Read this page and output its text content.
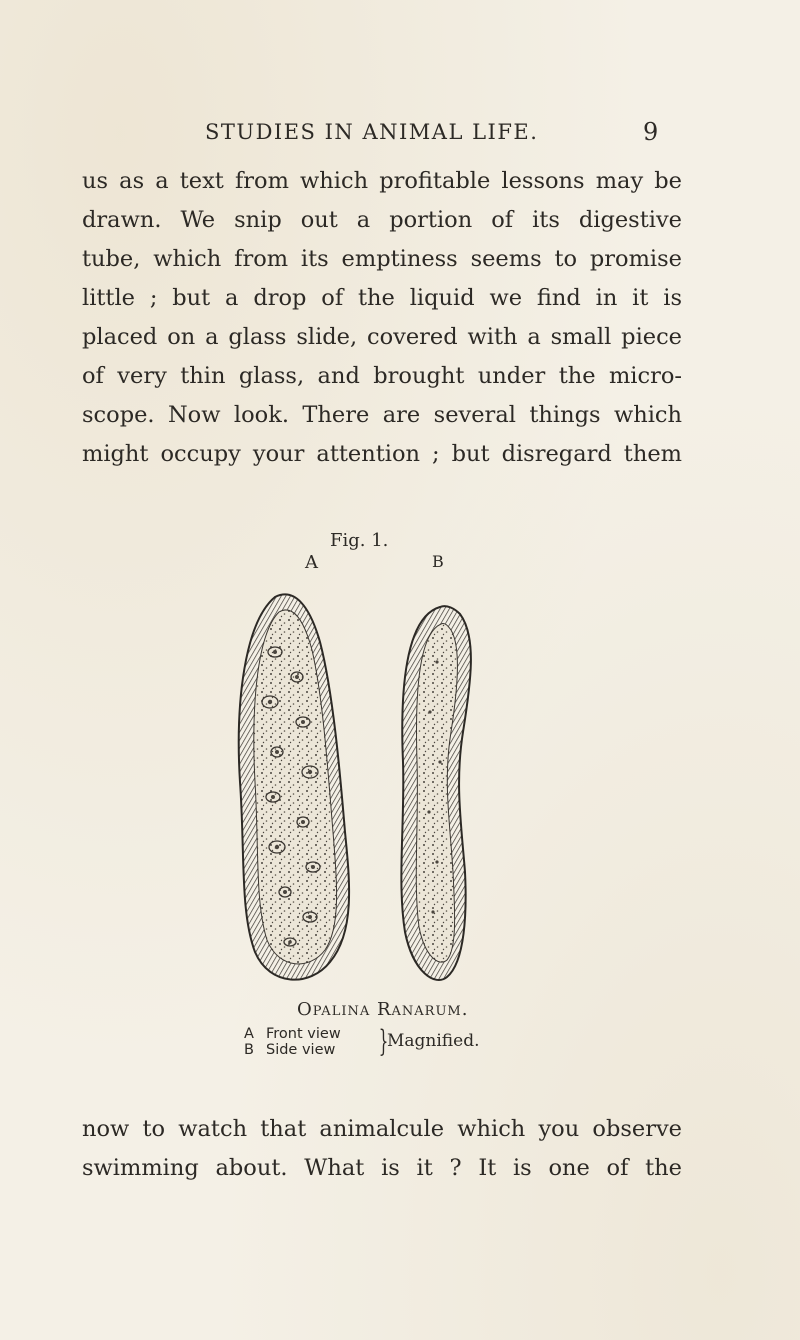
STUDIES IN ANIMAL LIFE.	9
us as a text from which profitable lessons may be
drawn. We snip out a portion of its digestive
tube, which from its emptiness seems to promise
little ; but a drop of the liquid we find in it is
placed on a glass slide, covered with a small piece
of very thin glass, and brought under the micro-
scope. Now look. There are several things which
might occupy your attention ; but disregard them
Fig. 1.
A	B
Opalina Ranarum.
A Front view
B Side view }
Magnified.
now to watch that animalcule which you observe
swimming about. What is it ? It is one of the
